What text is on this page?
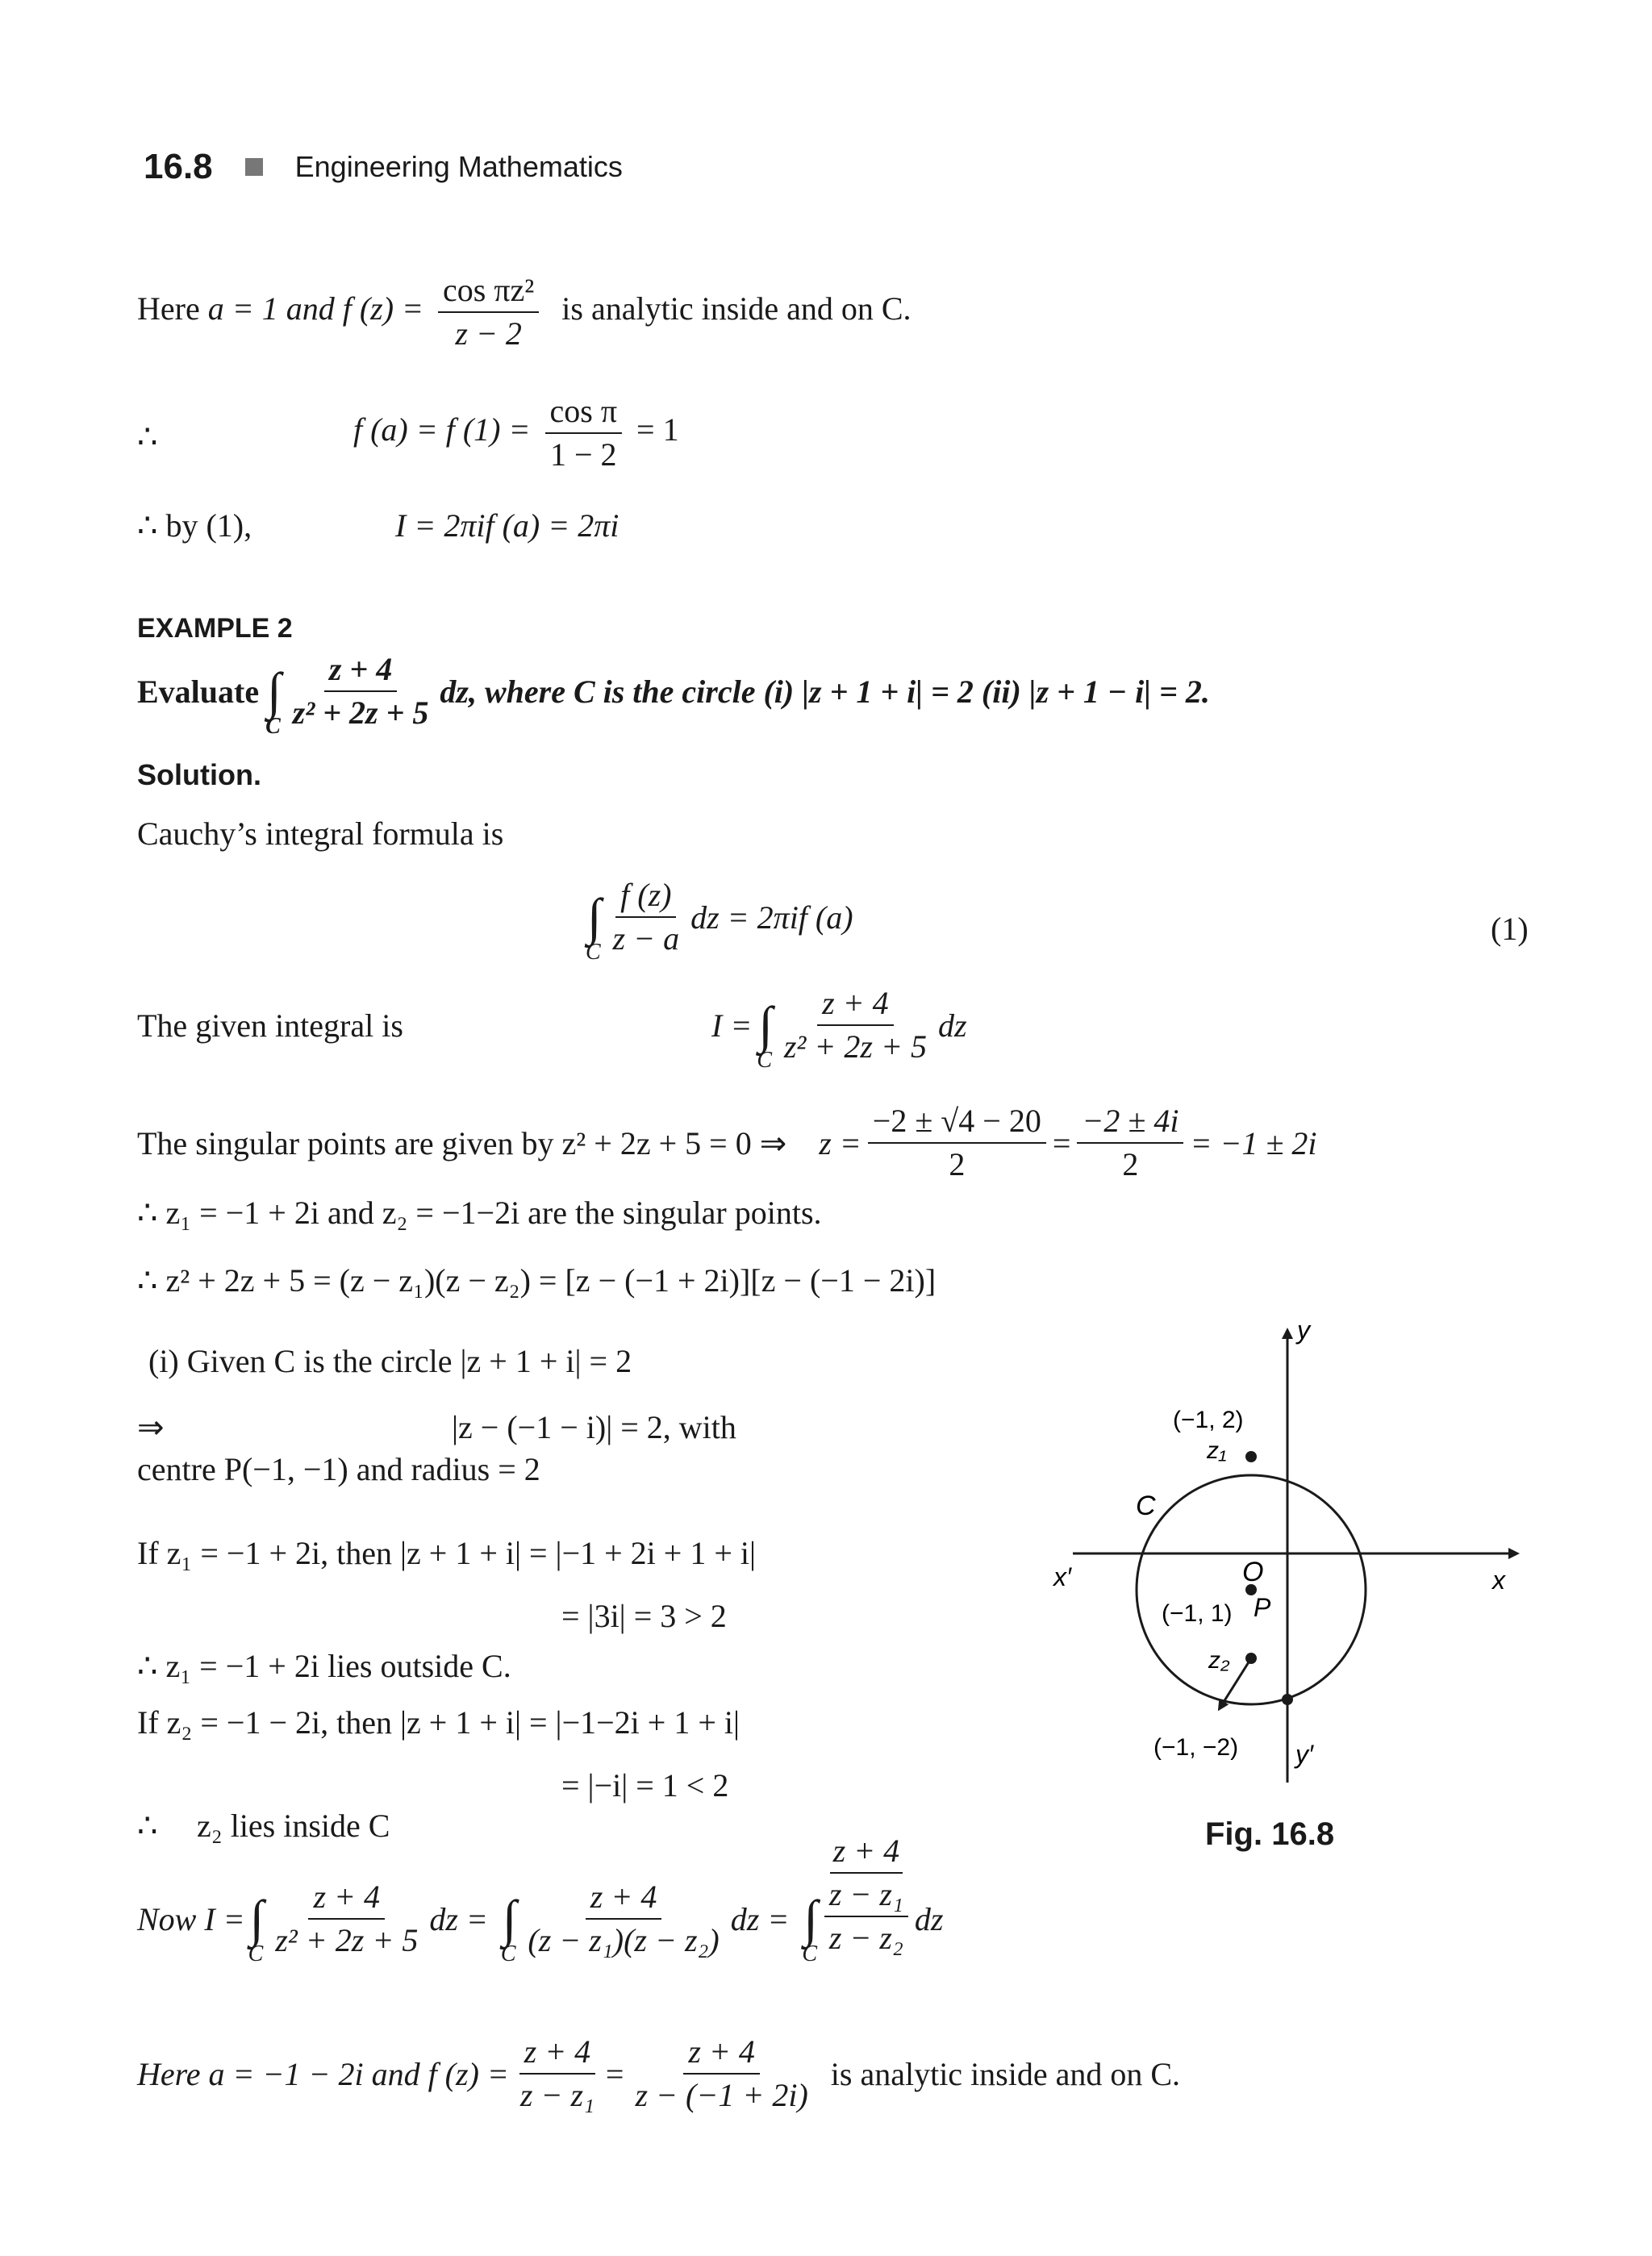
16.8	Engineering Mathematics
Here a = 1 and f $(z) = \frac{\text{cos πz²}}{z - 2}$ is analytic inside and on C.
∴	f (a) = f $(1) = \frac{\text{cos π}}{1 - 2} = 1$
∴ by (1),	I = 2πif (a) = 2πi
EXAMPLE 2
Evaluate ∫
C $\frac{z + 4}{\text{z² + 2z + 5}}$ dz, where C is the circle (i) |z + 1 + i| = 2 (ii) |z + 1 − i| = 2.
Solution.
Cauchy’s integral formula is
∫
C $\frac{f (z)}{z - a}$ dz = 2πif (a)	(1)
The given integral is	I = ∫
C $\frac{z + 4}{\text{z² + 2z + 5}}$ dz
The singular points are given by z² + 2z + 5 = 0 ⇒ $z = \frac{-2 \pm √4 - 20}{2} = \frac{-2 \pm 4i}{2} = -1 \pm 2i$
∴ z₁ = −1 + 2i and z₂ = −1−2i are the singular points.
∴ z² + 2z + 5 = (z − z₁)(z − z₂) = [z − (−1 + 2i)][z − (−1 − 2i)]
(i) Given C is the circle |z + 1 + i| = 2
⇒	|z − (−1 − i)| = 2, with
centre P(−1, −1) and radius = 2
If z₁ = −1 + 2i, then |z + 1 + i| = |−1 + 2i + 1 + i|
= |3i| = 3 > 2
∴ z₁ = −1 + 2i lies outside C.
If z₂ = −1 − 2i, then |z + 1 + i| = |−1−2i + 1 + i|
= |−i| = 1 < 2
∴ z₂ lies inside C
Now I = ∫
C $\frac{z + 4}{\text{z² + 2z + 5}}$ dz = ∫
C $\frac{z + 4}{\text{(z − z₁)(z − z₂)}}$ dz = ∫
C $\frac{\frac{z + 4}{\text{z − z₁}}}{\text{z − z₂}}$ dz
Here a = −1 − 2i and f $(z) = \frac{z + 4}{\text{z − z₁}} = \frac{z + 4}{z - (-1 + 2i)}$ is analytic inside and on C.
y
y′
x
x′
C
O
P
(−1, 2)
z₁
(−1, 1)
z₂
(−1, −2)
Fig. 16.8
